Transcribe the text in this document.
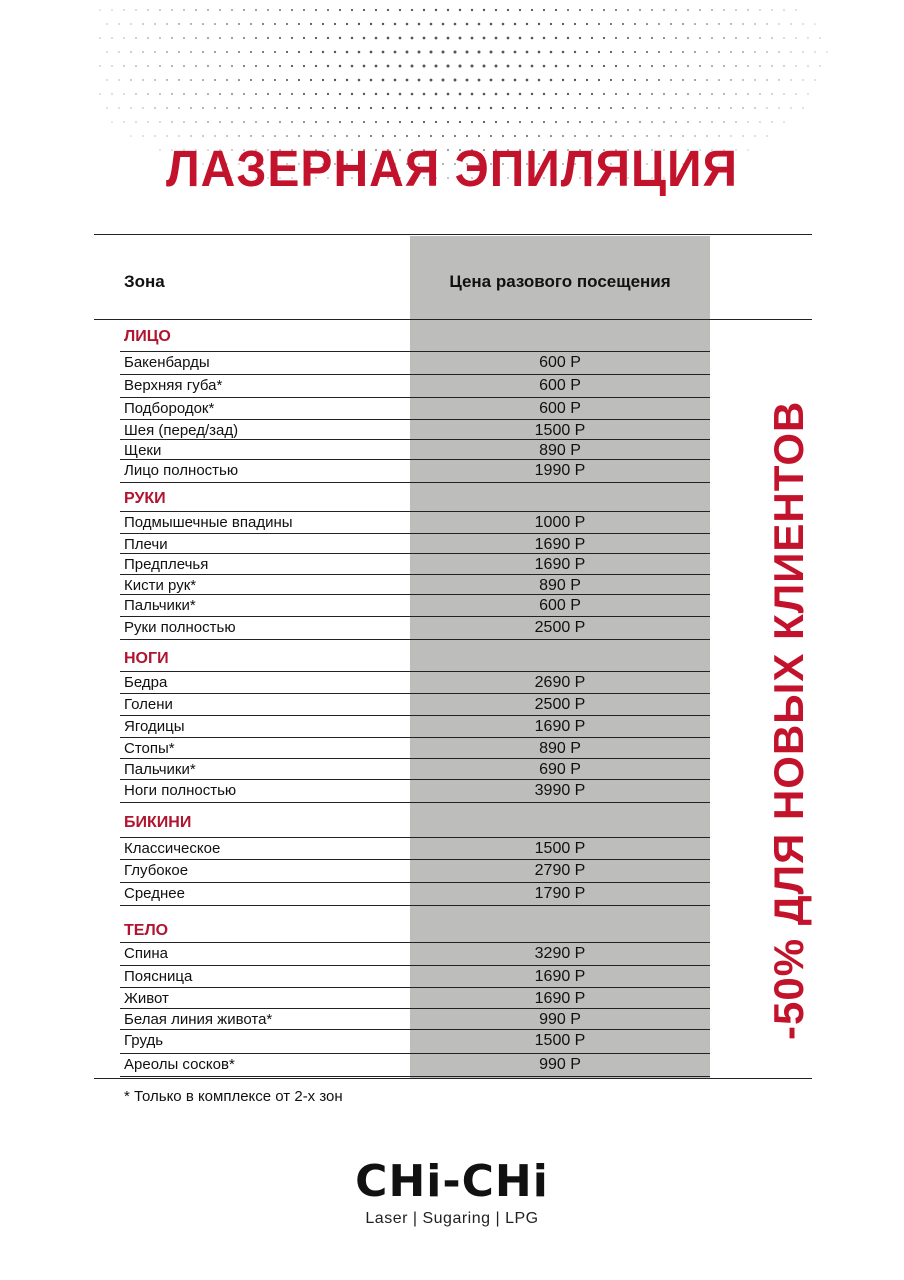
ЛАЗЕРНАЯ ЭПИЛЯЦИЯ
Зона	Цена разового посещения
ЛИЦО
Бакенбарды	600 Р
Верхняя губа*	600 Р
Подбородок*	600 Р
Шея (перед/зад)	1500 Р
Щеки	890 Р
Лицо полностью	1990 Р
РУКИ
Подмышечные впадины	1000 Р
Плечи	1690 Р
Предплечья	1690 Р
Кисти рук*	890 Р
Пальчики*	600 Р
Руки полностью	2500 Р
НОГИ
Бедра	2690 Р
Голени	2500 Р
Ягодицы	1690 Р
Стопы*	890 Р
Пальчики*	690 Р
Ноги полностью	3990 Р
БИКИНИ
Классическое	1500 Р
Глубокое	2790 Р
Среднее	1790 Р
ТЕЛО
Спина	3290 Р
Поясница	1690 Р
Живот	1690 Р
Белая линия живота*	990 Р
Грудь	1500 Р
Ареолы сосков*	990 Р
-50% ДЛЯ НОВЫХ КЛИЕНТОВ
* Только в комплексе от 2-х зон
CHi-CHi
Laser | Sugaring | LPG
